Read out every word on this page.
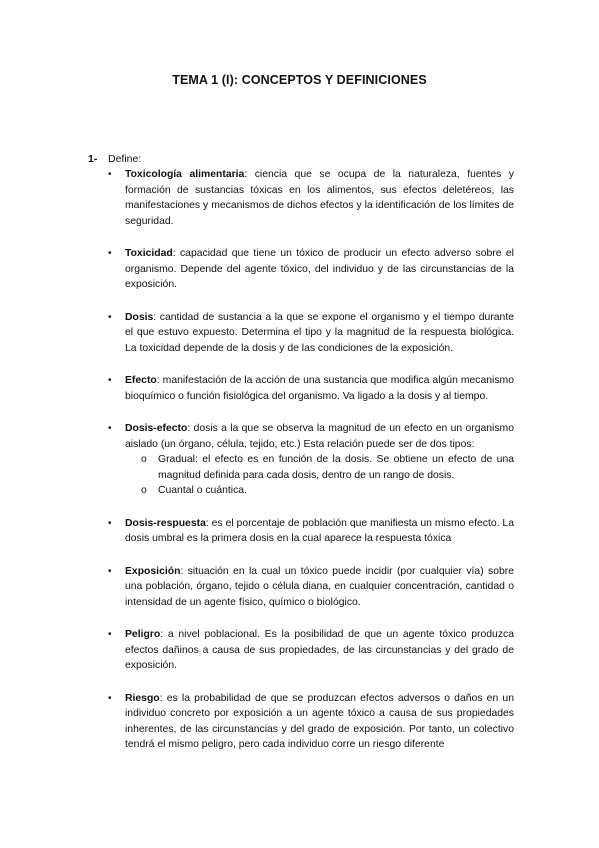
TEMA 1 (I): CONCEPTOS Y DEFINICIONES
1- Define:
• Toxicología alimentaria: ciencia que se ocupa de la naturaleza, fuentes y formación de sustancias tóxicas en los alimentos, sus efectos deletéreos, las manifestaciones y mecanismos de dichos efectos y la identificación de los límites de seguridad.
• Toxicidad: capacidad que tiene un tóxico de producir un efecto adverso sobre el organismo. Depende del agente tóxico, del individuo y de las circunstancias de la exposición.
• Dosis: cantidad de sustancia a la que se expone el organismo y el tiempo durante el que estuvo expuesto. Determina el tipo y la magnitud de la respuesta biológica. La toxicidad depende de la dosis y de las condiciones de la exposición.
• Efecto: manifestación de la acción de una sustancia que modifica algún mecanismo bioquímico o función fisiológica del organismo. Va ligado a la dosis y al tiempo.
• Dosis-efecto: dosis a la que se observa la magnitud de un efecto en un organismo aislado (un órgano, célula, tejido, etc.) Esta relación puede ser de dos tipos:
o Gradual: el efecto es en función de la dosis. Se obtiene un efecto de una magnitud definida para cada dosis, dentro de un rango de dosis.
o Cuantal o cuántica.
• Dosis-respuesta: es el porcentaje de población que manifiesta un mismo efecto. La dosis umbral es la primera dosis en la cual aparece la respuesta tóxica
• Exposición: situación en la cual un tóxico puede incidir (por cualquier vía) sobre una población, órgano, tejido o célula diana, en cualquier concentración, cantidad o intensidad de un agente físico, químico o biológico.
• Peligro: a nivel poblacional. Es la posibilidad de que un agente tóxico produzca efectos dañinos a causa de sus propiedades, de las circunstancias y del grado de exposición.
• Riesgo: es la probabilidad de que se produzcan efectos adversos o daños en un individuo concreto por exposición a un agente tóxico a causa de sus propiedades inherentes, de las circunstancias y del grado de exposición. Por tanto, un colectivo tendrá el mismo peligro, pero cada individuo corre un riesgo diferente
